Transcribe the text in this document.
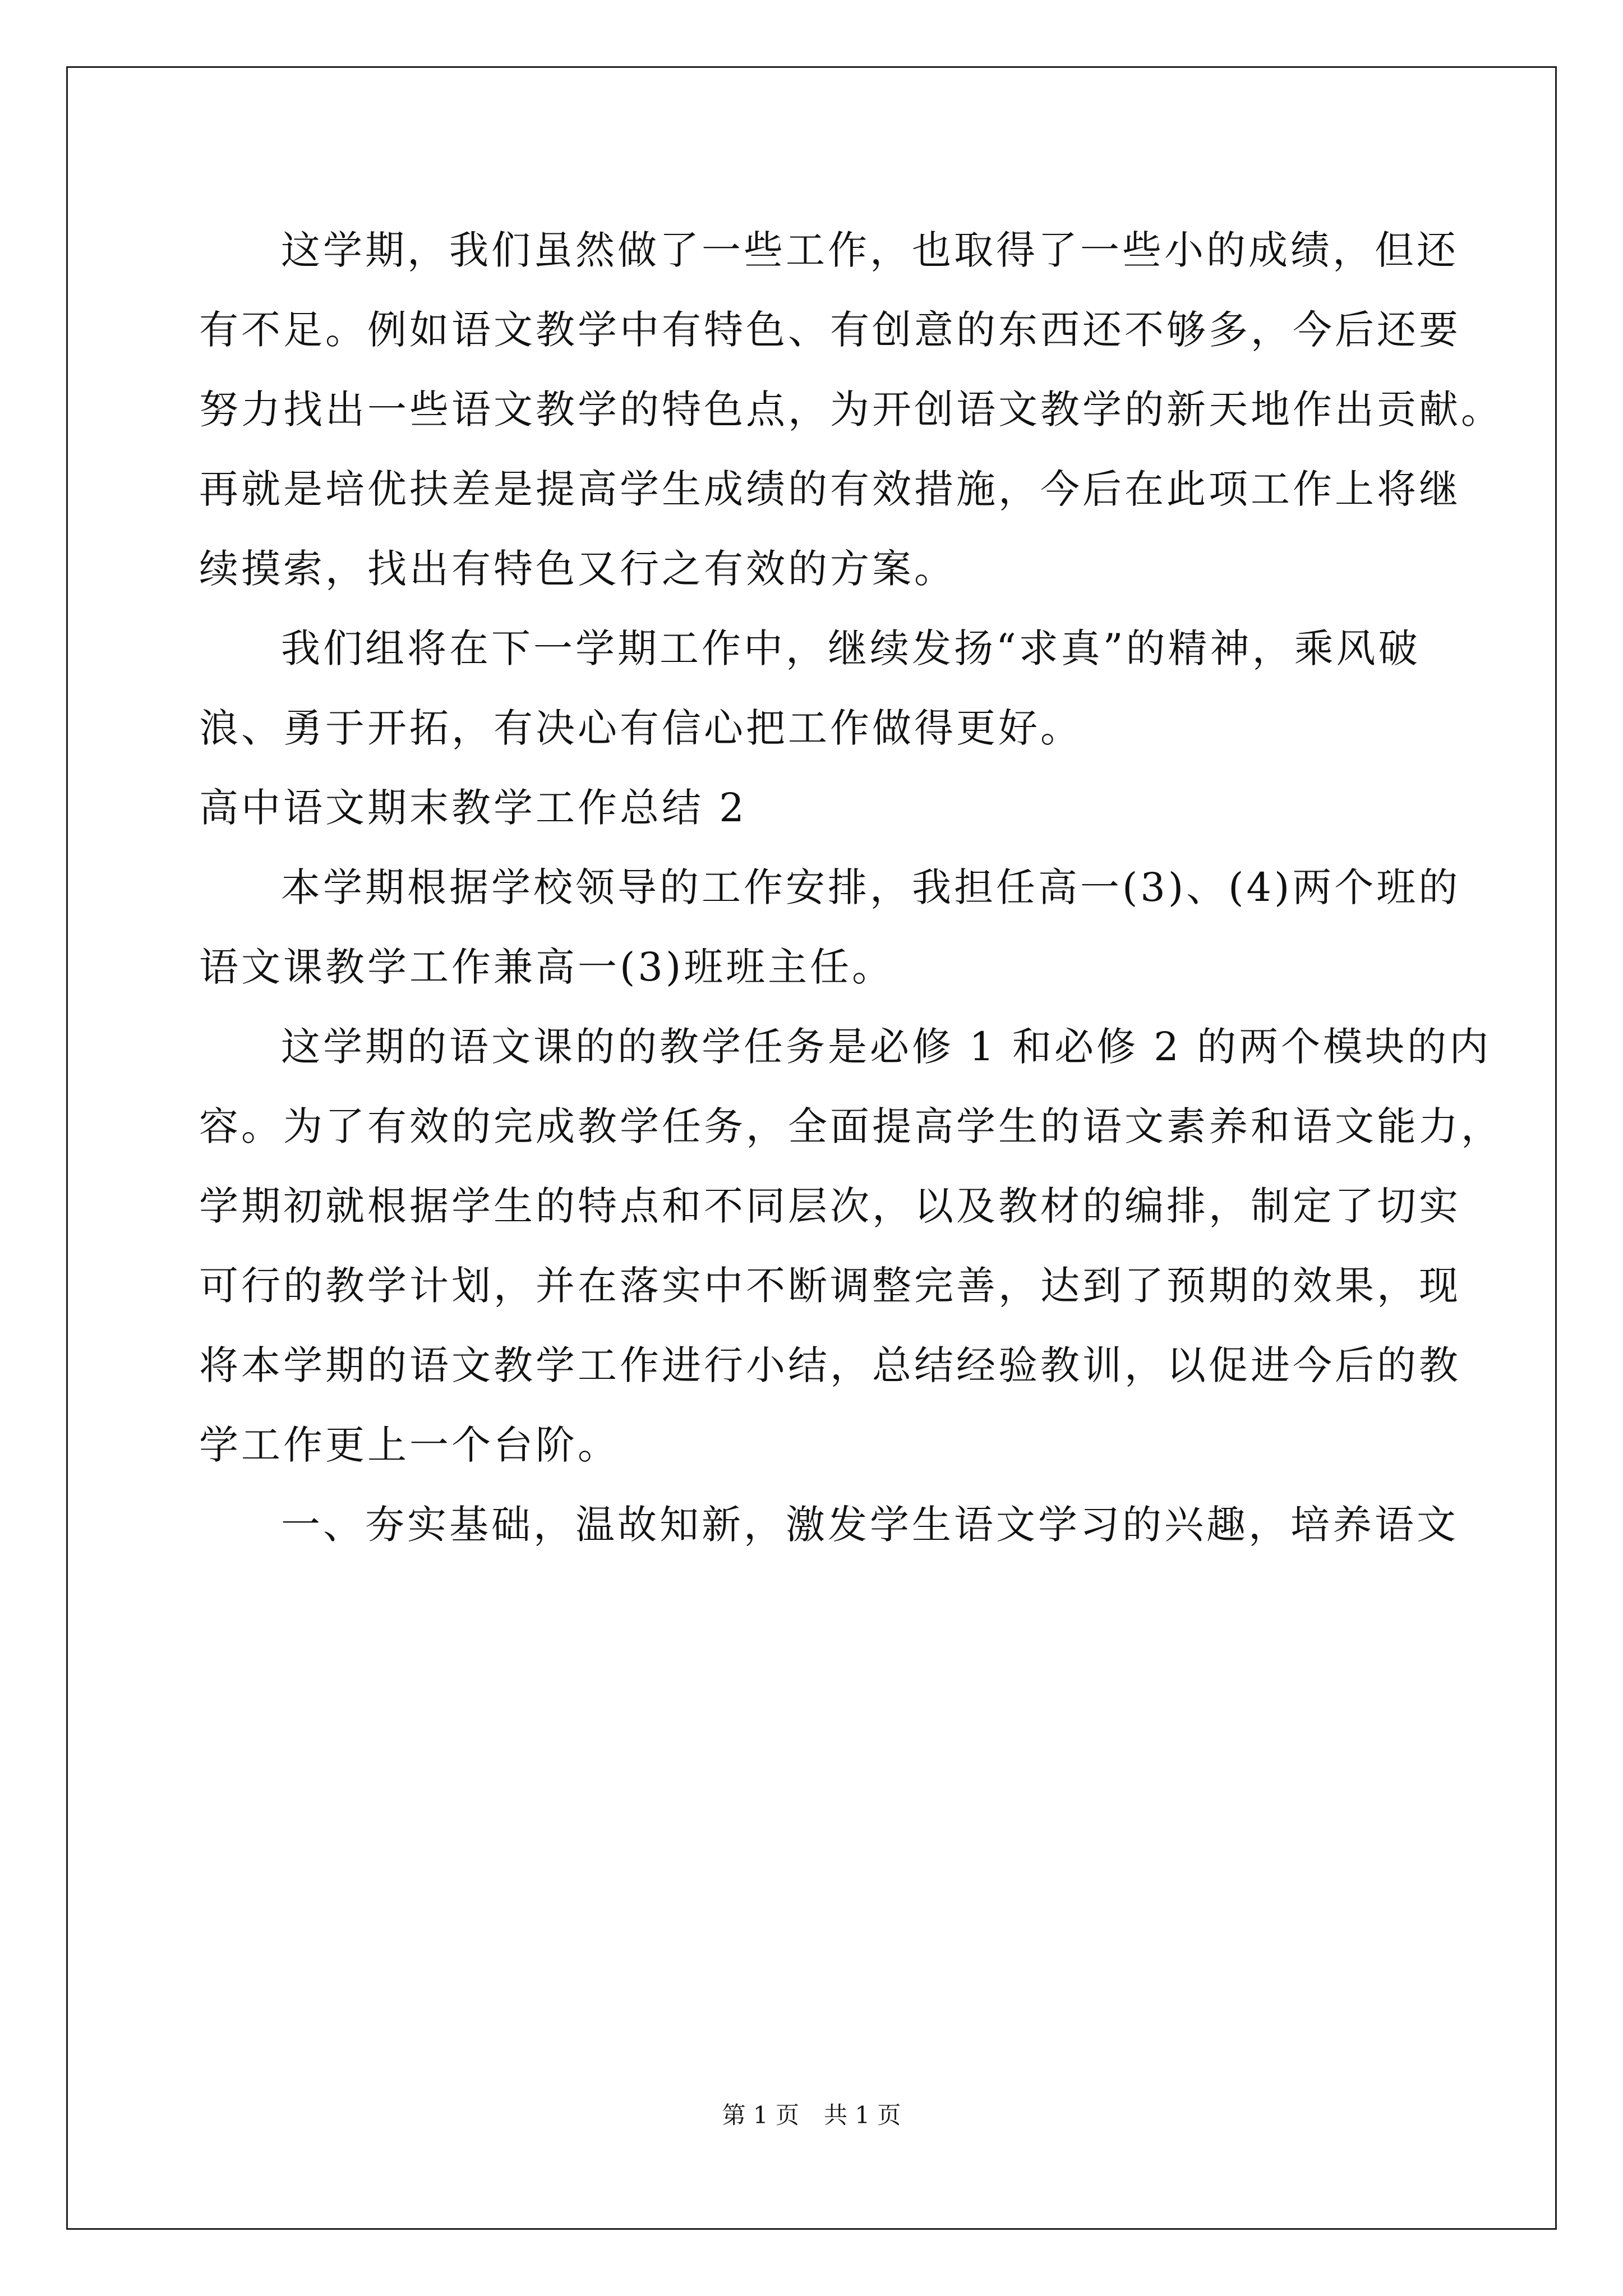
这学期，我们虽然做了一些工作，也取得了一些小的成绩，但还
有不足。例如语文教学中有特色、有创意的东西还不够多，今后还要
努力找出一些语文教学的特色点，为开创语文教学的新天地作出贡献。
再就是培优扶差是提高学生成绩的有效措施，今后在此项工作上将继
续摸索，找出有特色又行之有效的方案。
我们组将在下一学期工作中，继续发扬“求真”的精神，乘风破
浪、勇于开拓，有决心有信心把工作做得更好。
高中语文期末教学工作总结 2
本学期根据学校领导的工作安排，我担任高一(3)、(4)两个班的
语文课教学工作兼高一(3)班班主任。
这学期的语文课的的教学任务是必修 1 和必修 2 的两个模块的内
容。为了有效的完成教学任务，全面提高学生的语文素养和语文能力，
学期初就根据学生的特点和不同层次，以及教材的编排，制定了切实
可行的教学计划，并在落实中不断调整完善，达到了预期的效果，现
将本学期的语文教学工作进行小结，总结经验教训，以促进今后的教
学工作更上一个台阶。
一、夯实基础，温故知新，激发学生语文学习的兴趣，培养语文
第 1 页 共 1 页
